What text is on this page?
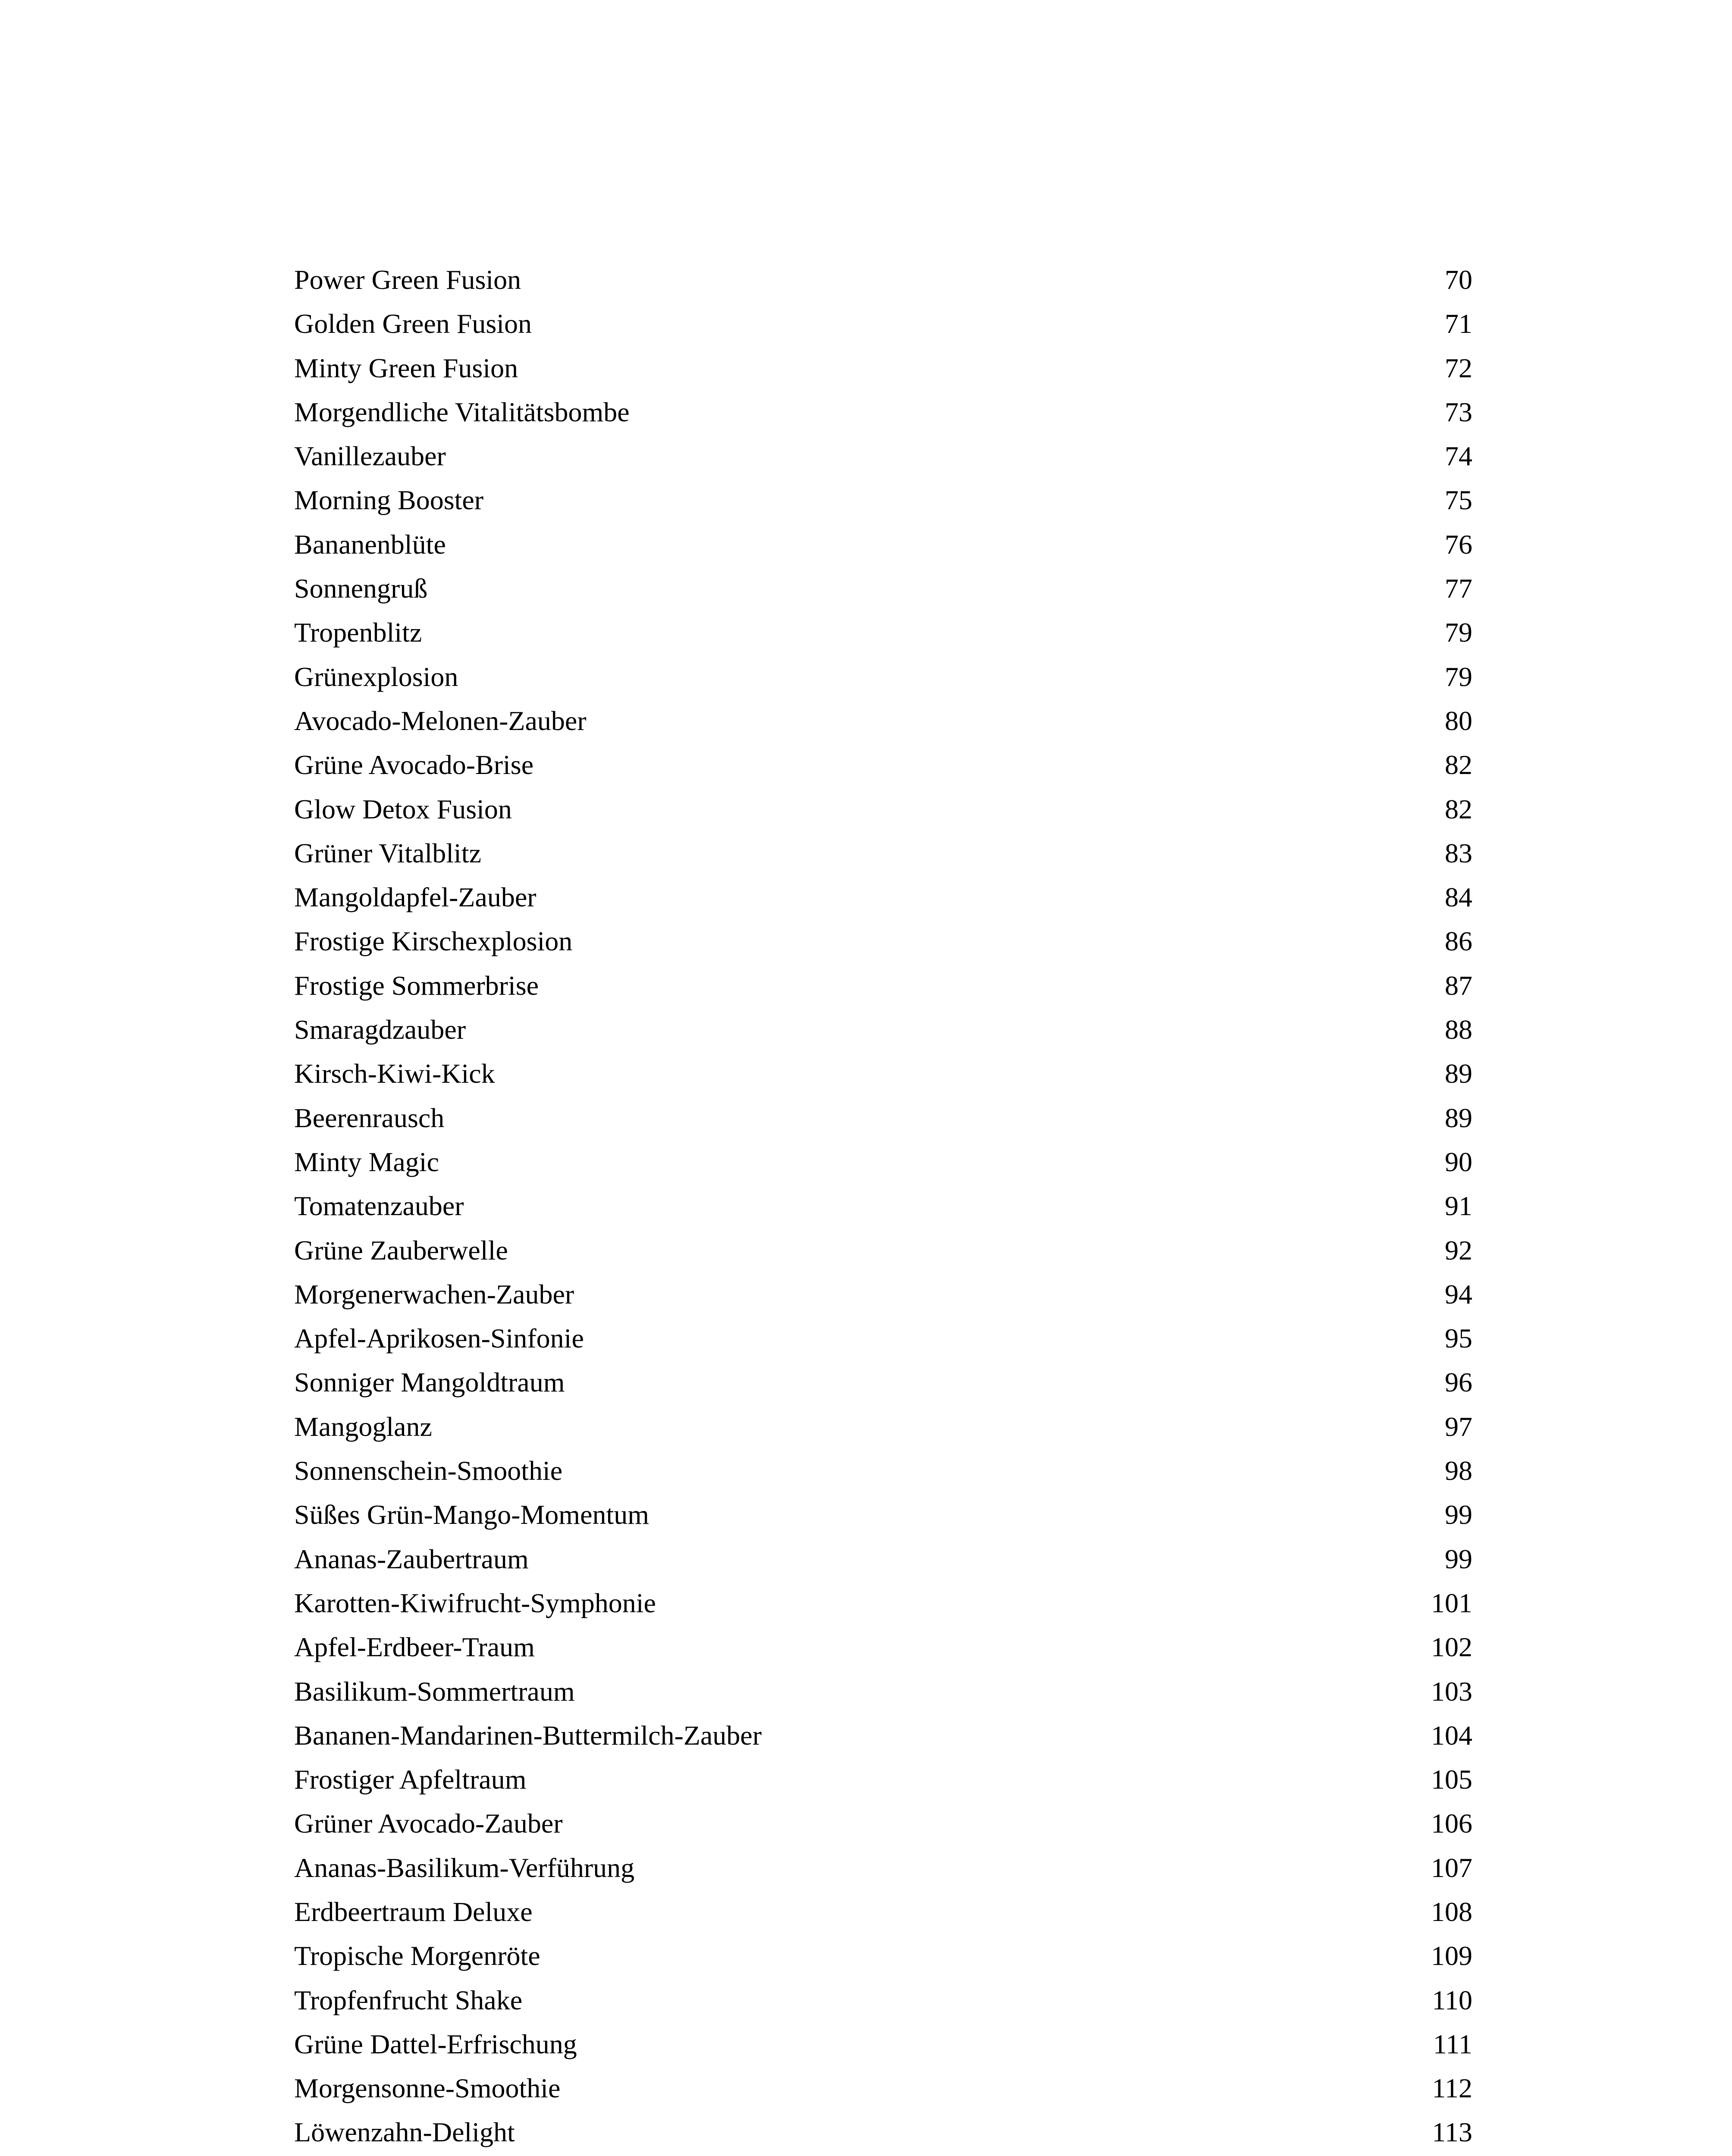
Power Green Fusion	70
Golden Green Fusion	71
Minty Green Fusion	72
Morgendliche Vitalitätsbombe	73
Vanillezauber	74
Morning Booster	75
Bananenblüte	76
Sonnengruß	77
Tropenblitz	79
Grünexplosion	79
Avocado-Melonen-Zauber	80
Grüne Avocado-Brise	82
Glow Detox Fusion	82
Grüner Vitalblitz	83
Mangoldapfel-Zauber	84
Frostige Kirschexplosion	86
Frostige Sommerbrise	87
Smaragdzauber	88
Kirsch-Kiwi-Kick	89
Beerenrausch	89
Minty Magic	90
Tomatenzauber	91
Grüne Zauberwelle	92
Morgenerwachen-Zauber	94
Apfel-Aprikosen-Sinfonie	95
Sonniger Mangoldtraum	96
Mangoglanz	97
Sonnenschein-Smoothie	98
Süßes Grün-Mango-Momentum	99
Ananas-Zaubertraum	99
Karotten-Kiwifrucht-Symphonie	101
Apfel-Erdbeer-Traum	102
Basilikum-Sommertraum	103
Bananen-Mandarinen-Buttermilch-Zauber	104
Frostiger Apfeltraum	105
Grüner Avocado-Zauber	106
Ananas-Basilikum-Verführung	107
Erdbeertraum Deluxe	108
Tropische Morgenröte	109
Tropfenfrucht Shake	110
Grüne Dattel-Erfrischung	111
Morgensonne-Smoothie	112
Löwenzahn-Delight	113
